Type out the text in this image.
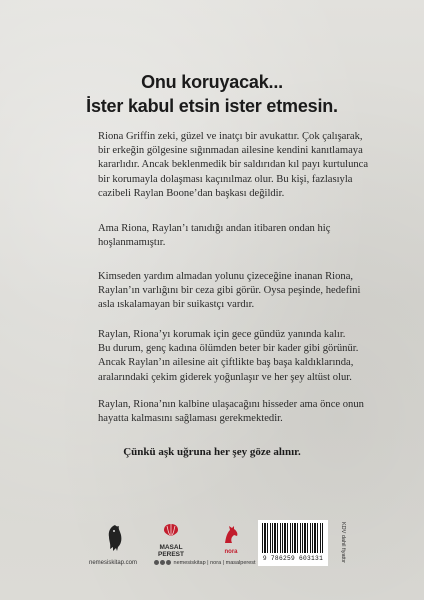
Onu koruyacak...
İster kabul etsin ister etmesin.
Riona Griffin zeki, güzel ve inatçı bir avukattır. Çok çalışarak,
bir erkeğin gölgesine sığınmadan ailesine kendini kanıtlamaya
kararlıdır. Ancak beklenmedik bir saldırıdan kıl payı kurtulunca
bir korumayla dolaşması kaçınılmaz olur. Bu kişi, fazlasıyla
cazibeli Raylan Boone’dan başkası değildir.
Ama Riona, Raylan’ı tanıdığı andan itibaren ondan hiç
hoşlanmamıştır.
Kimseden yardım almadan yolunu çizeceğine inanan Riona,
Raylan’ın varlığını bir ceza gibi görür. Oysa peşinde, hedefini
asla ıskalamayan bir suikastçı vardır.
Raylan, Riona’yı korumak için gece gündüz yanında kalır.
Bu durum, genç kadına ölümden beter bir kader gibi görünür.
Ancak Raylan’ın ailesine ait çiftlikte baş başa kaldıklarında,
aralarındaki çekim giderek yoğunlaşır ve her şey altüst olur.
Raylan, Riona’nın kalbine ulaşacağını hisseder ama önce onun
hayatta kalmasını sağlaması gerekmektedir.
Çünkü aşk uğruna her şey göze alınır.
nemesiskitap.com
MASAL PEREST
nemesiskitap | nora | masalperest
nora
9 786259 603131	KDV dahil fiyattır
